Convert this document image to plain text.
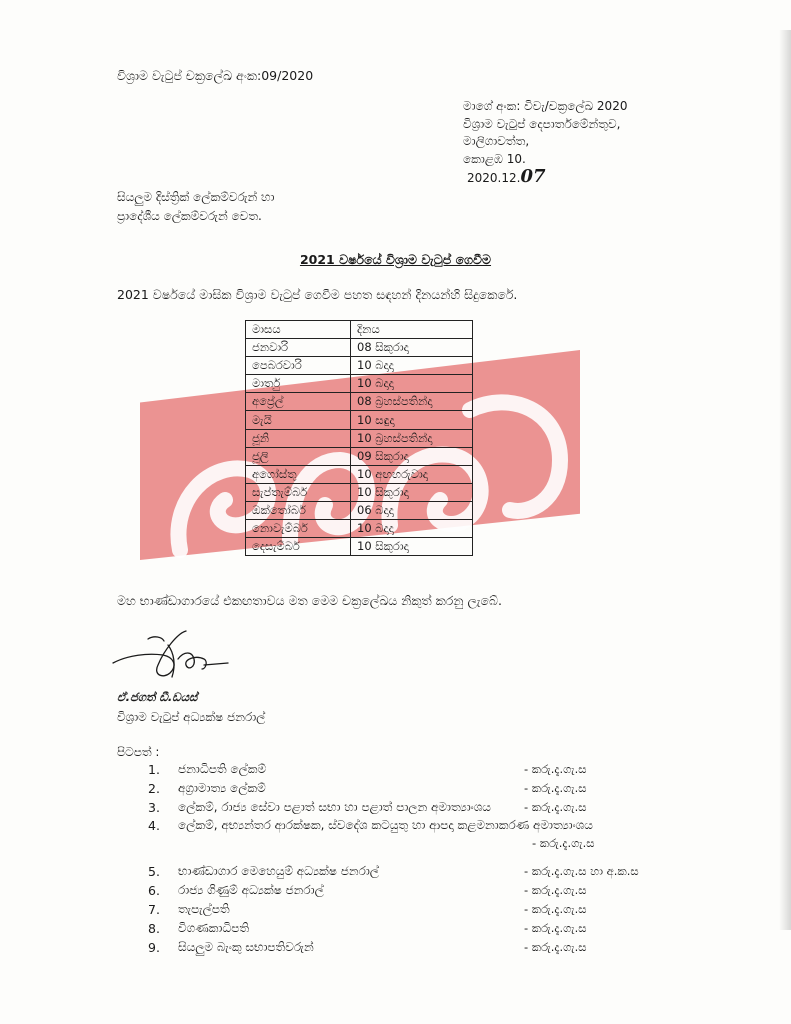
විශ්‍රාම වැටුප් චක්‍රලේඛ අංක:09/2020
මාගේ අංක: විවැ/චක්‍රලේඛ 2020
විශ්‍රාම වැටුප් දෙපාර්තමේන්තුව,
මාලිගාවත්ත,
කොළඹ 10.
2020.12.07
සියලුම දිස්ත්‍රික් ලේකම්වරුන් හා
ප්‍රාදේශීය ලේකම්වරුන් වෙත.
2021 වර්ෂයේ විශ්‍රාම වැටුප් ගෙවීම
2021 වර්ෂයේ මාසික විශ්‍රාම වැටුප් ගෙවීම පහත සඳහන් දිනයන්හි සිදුකෙරේ.
මාසය	දිනය
ජනවාරි	08 සිකුරාදා
පෙබරවාරි	10 බදාදා
මාර්තු	10 බදාදා
අප්‍රේල්	08 බ්‍රහස්පතින්දා
මැයි	10 සඳුදා
ජූනි	10 බ්‍රහස්පතින්දා
ජූලි	09 සිකුරාදා
අගෝස්තු	10 අඟහරුවාදා
සැප්තැම්බර්	10 සිකුරාදා
ඔක්තෝබර්	06 බදාදා
නොවැම්බර්	10 බදාදා
දෙසැම්බර්	10 සිකුරාදා
මහ භාණ්ඩාගාරයේ එකඟතාවය මත මෙම චක්‍රලේඛය නිකුත් කරනු ලැබේ.
ඒ.ජගත් ඩී.ඩයස්
විශ්‍රාම වැටුප් අධ්‍යක්ෂ ජනරාල්
පිටපත් :
1. ජනාධිපති ලේකම්	- කරු.දැ.ගැ.ස
2. අග්‍රාමාත්‍ය ලේකම්	- කරු.දැ.ගැ.ස
3. ලේකම්, රාජ්‍ය සේවා පළාත් සභා හා පළාත් පාලන අමාත්‍යාංශය	- කරු.දැ.ගැ.ස
4. ලේකම්, අභ්‍යන්තර ආරක්ෂක, ස්වදේශ කටයුතු හා ආපදා කළමනාකරණ අමාත්‍යාංශය
- කරු.දැ.ගැ.ස
5. භාණ්ඩාගාර මෙහෙයුම් අධ්‍යක්ෂ ජනරාල්	- කරු.දැ.ගැ.ස හා අ.ක.ස
6. රාජ්‍ය ගිණුම් අධ්‍යක්ෂ ජනරාල්	- කරු.දැ.ගැ.ස
7. තැපැල්පති	- කරු.දැ.ගැ.ස
8. විගණකාධිපති	- කරු.දැ.ගැ.ස
9. සියලුම බැංකු සභාපතිවරුන්	- කරු.දැ.ගැ.ස
